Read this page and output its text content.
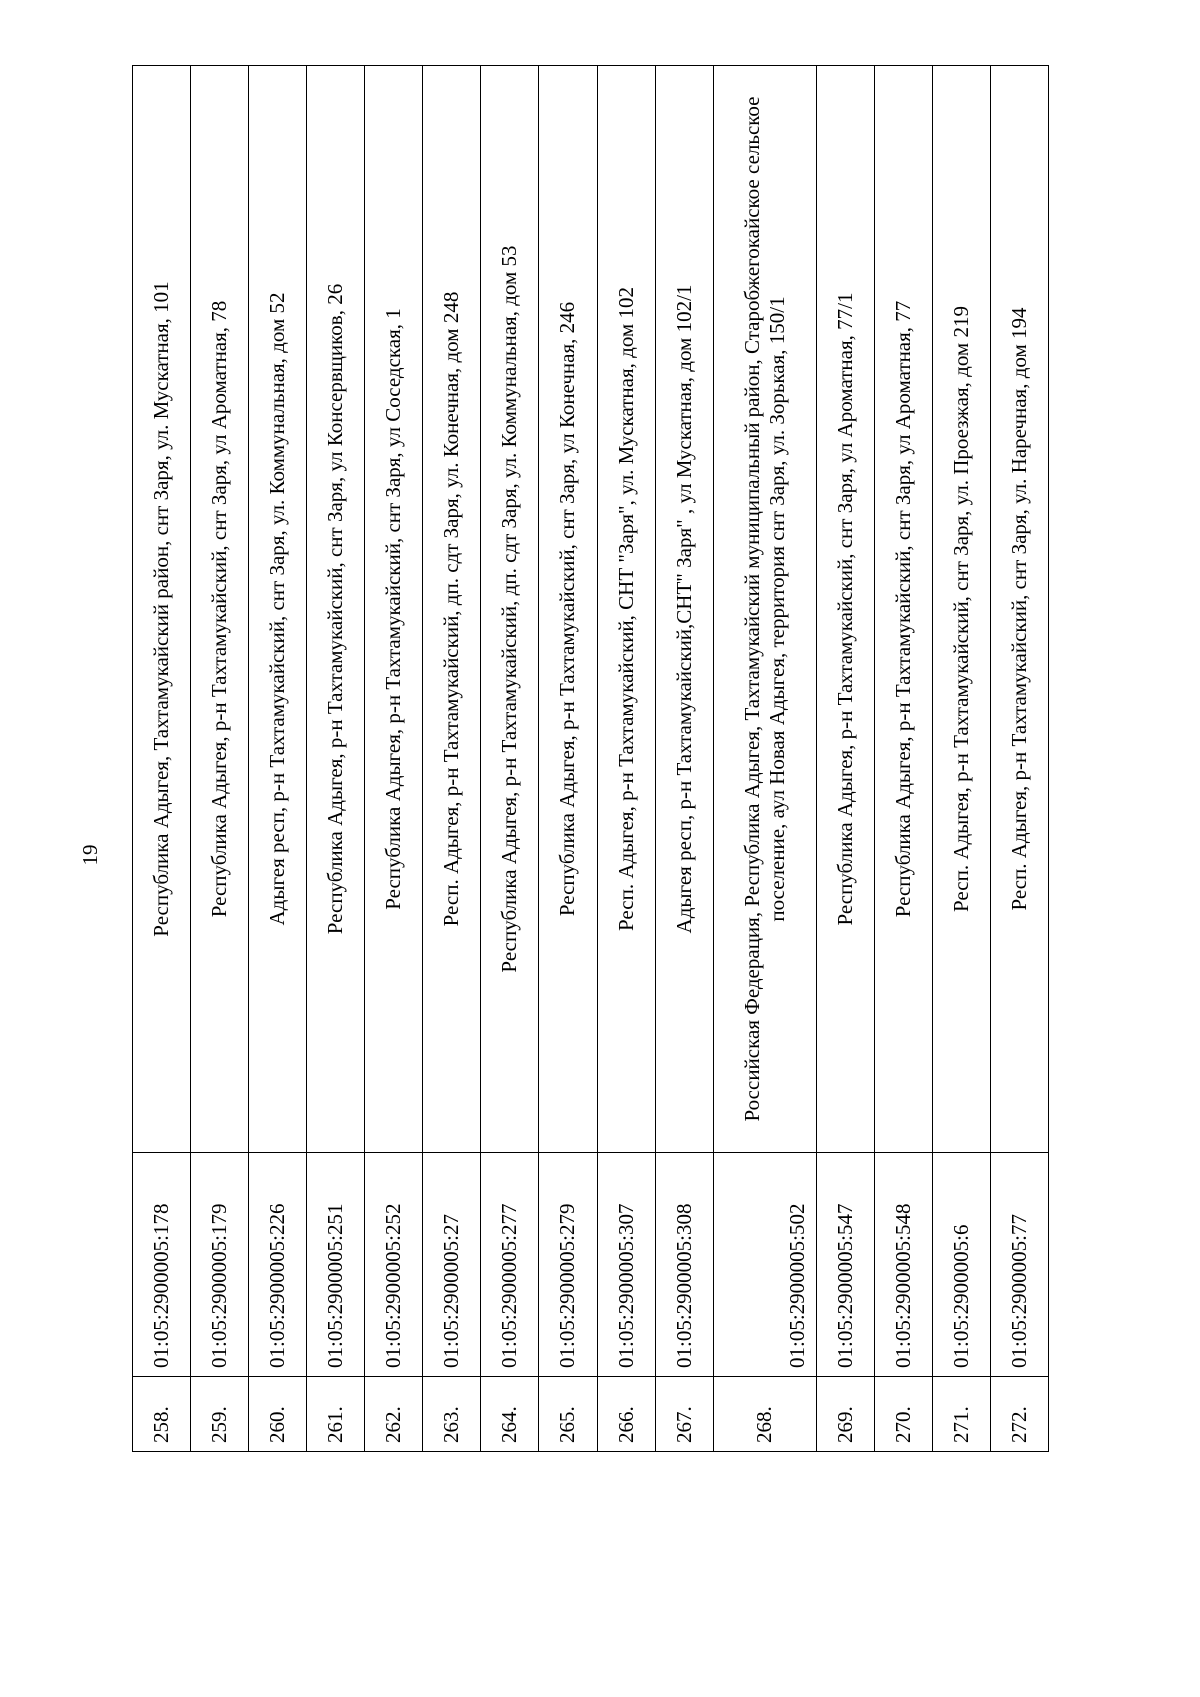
19
258.	01:05:2900005:178	Республика Адыгея, Тахтамукайский район, снт Заря, ул. Мускатная, 101
259.	01:05:2900005:179	Республика Адыгея, р-н Тахтамукайский, снт Заря, ул Ароматная, 78
260.	01:05:2900005:226	Адыгея респ, р-н Тахтамукайский, снт Заря, ул. Коммунальная, дом 52
261.	01:05:2900005:251	Республика Адыгея, р-н Тахтамукайский, снт Заря, ул Консервщиков, 26
262.	01:05:2900005:252	Республика Адыгея, р-н Тахтамукайский, снт Заря, ул Соседская, 1
263.	01:05:2900005:27	Респ. Адыгея, р-н Тахтамукайский, дп. сдт Заря, ул. Конечная, дом 248
264.	01:05:2900005:277	Республика Адыгея, р-н Тахтамукайский, дп. сдт Заря, ул. Коммунальная, дом 53
265.	01:05:2900005:279	Республика Адыгея, р-н Тахтамукайский, снт Заря, ул Конечная, 246
266.	01:05:2900005:307	Респ. Адыгея, р-н Тахтамукайский, СНТ "Заря", ул. Мускатная, дом 102
267.	01:05:2900005:308	Адыгея респ, р-н Тахтамукайский,СНТ" Заря" , ул Мускатная, дом 102/1
268.	01:05:2900005:502	Российская Федерация, Республика Адыгея, Тахтамукайский муниципальный район, Старобжегокайское сельское поселение, аул Новая Адыгея, территория снт Заря, ул. Зорькая, 150/1
269.	01:05:2900005:547	Республика Адыгея, р-н Тахтамукайский, снт Заря, ул Ароматная, 77/1
270.	01:05:2900005:548	Республика Адыгея, р-н Тахтамукайский, снт Заря, ул Ароматная, 77
271.	01:05:2900005:6	Респ. Адыгея, р-н Тахтамукайский, снт Заря, ул. Проезжая, дом 219
272.	01:05:2900005:77	Респ. Адыгея, р-н Тахтамукайский, снт Заря, ул. Наречная, дом 194
